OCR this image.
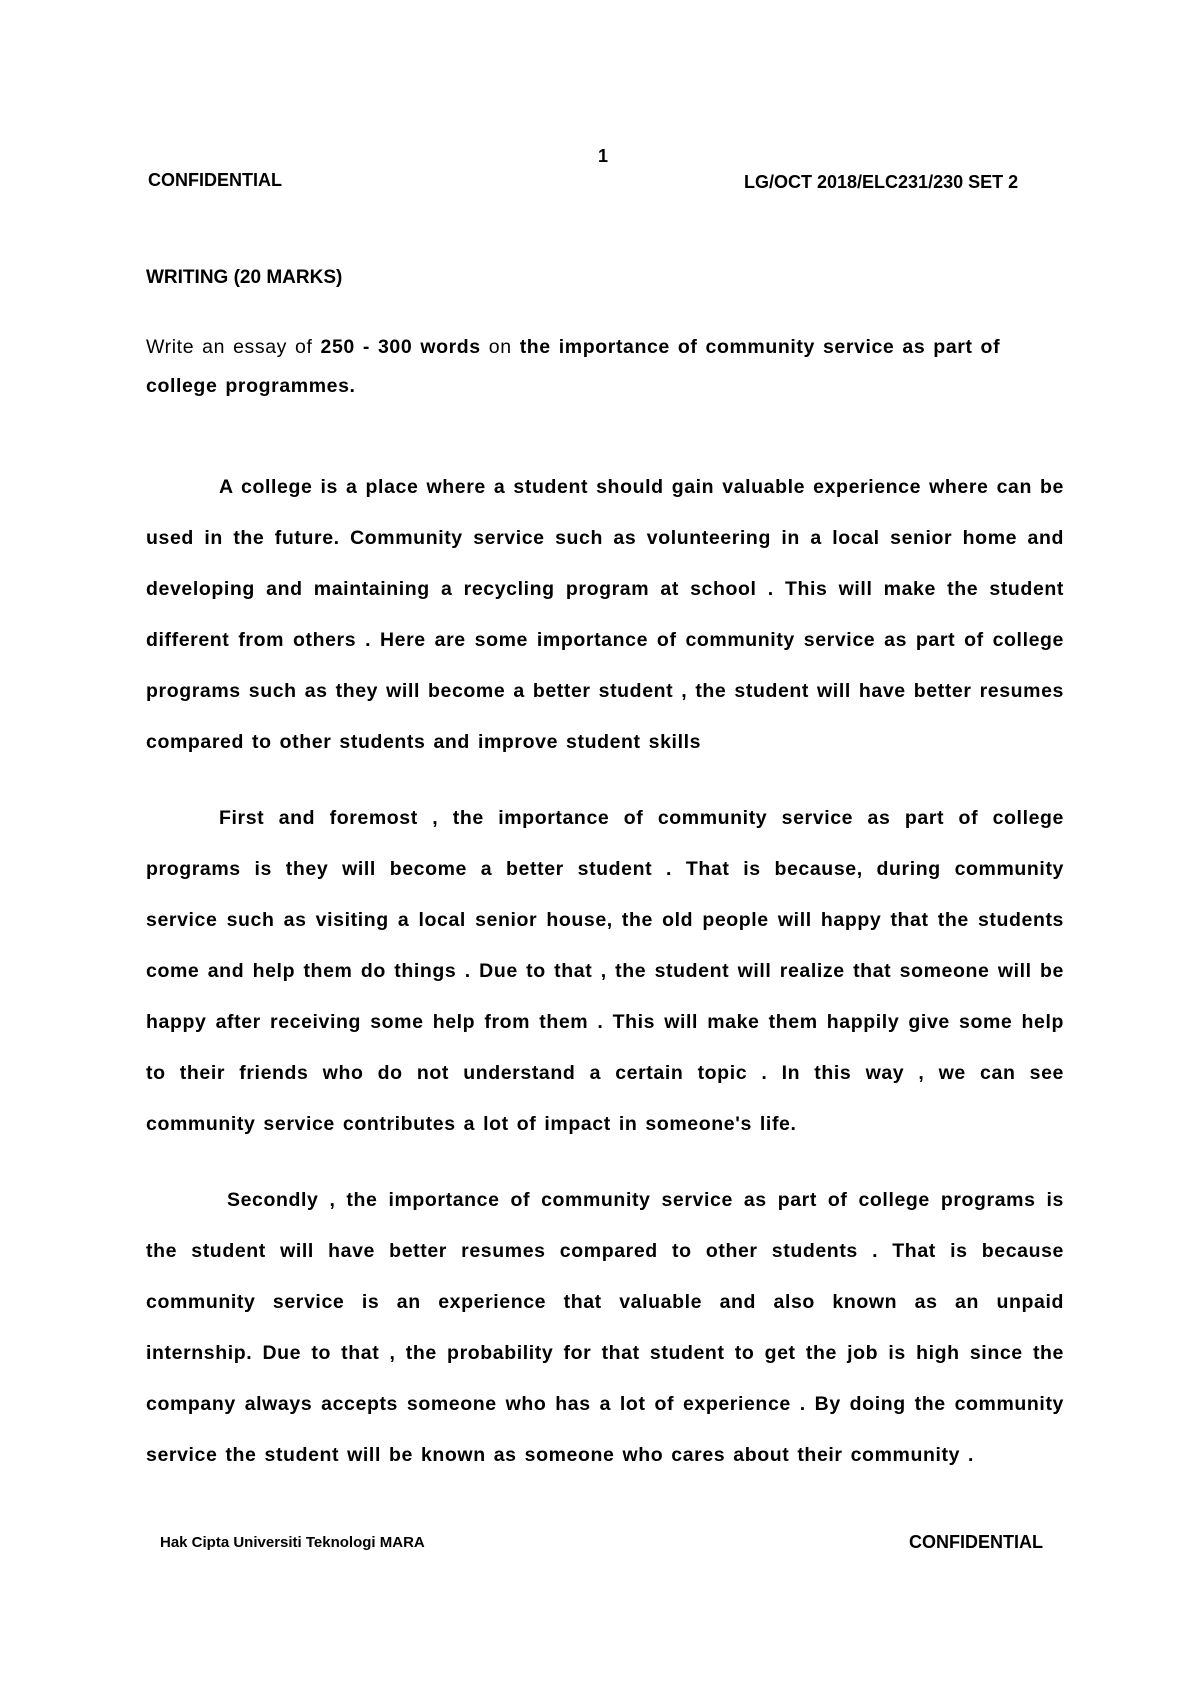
1
CONFIDENTIAL	LG/OCT 2018/ELC231/230 SET 2
WRITING (20 MARKS)
Write an essay of 250 - 300 words on the importance of community service as part of college programmes.

A college is a place where a student should gain valuable experience where can be used in the future. Community service such as volunteering in a local senior home and developing and maintaining a recycling program at school . This will make the student different from others . Here are some importance of community service as part of college programs such as they will become a better student , the student will have better resumes compared to other students and improve student skills

First and foremost , the importance of community service as part of college programs is they will become a better student . That is because, during community service such as visiting a local senior house, the old people will happy that the students come and help them do things . Due to that , the student will realize that someone will be happy after receiving some help from them . This will make them happily give some help to their friends who do not understand a certain topic . In this way , we can see community service contributes a lot of impact in someone's life.

Secondly , the importance of community service as part of college programs is the student will have better resumes compared to other students . That is because community service is an experience that valuable and also known as an unpaid internship. Due to that , the probability for that student to get the job is high since the company always accepts someone who has a lot of experience . By doing the community service the student will be known as someone who cares about their community .

Hak Cipta Universiti Teknologi MARA	CONFIDENTIAL
